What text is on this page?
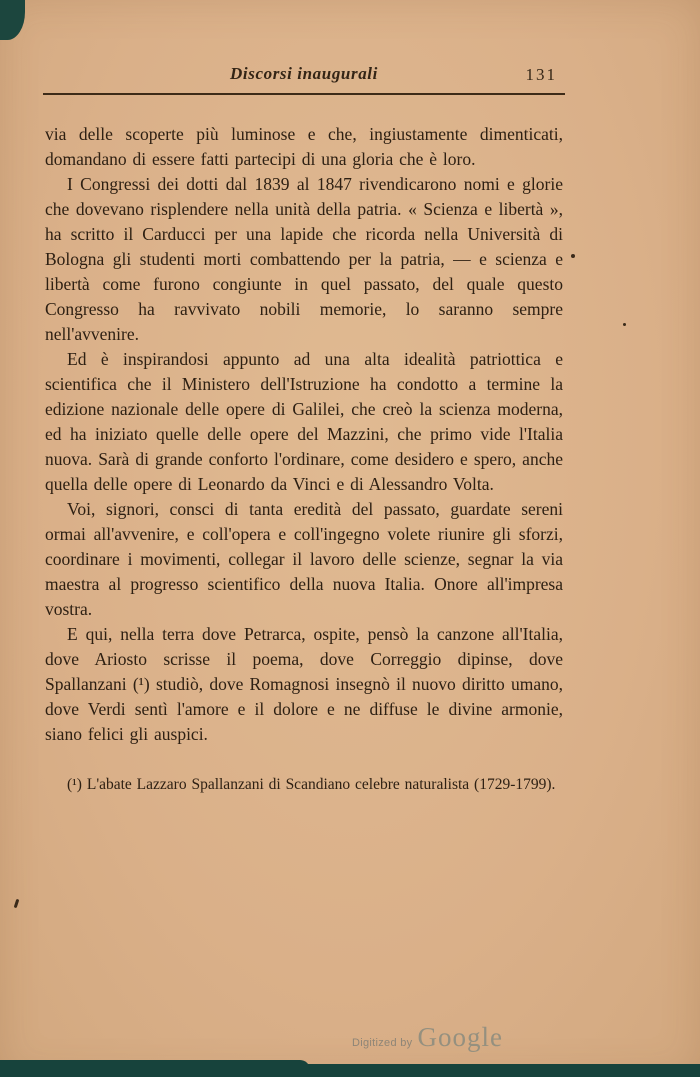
Discorsi inaugurali	131

via delle scoperte più luminose e che, ingiustamente dimenticati, domandano di essere fatti partecipi di una gloria che è loro.

I Congressi dei dotti dal 1839 al 1847 rivendicarono nomi e glorie che dovevano risplendere nella unità della patria. « Scienza e libertà », ha scritto il Carducci per una lapide che ricorda nella Università di Bologna gli studenti morti combattendo per la patria, — e scienza e libertà come furono congiunte in quel passato, del quale questo Congresso ha ravvivato nobili memorie, lo saranno sempre nell'avvenire.

Ed è inspirandosi appunto ad una alta idealità patriottica e scientifica che il Ministero dell'Istruzione ha condotto a termine la edizione nazionale delle opere di Galilei, che creò la scienza moderna, ed ha iniziato quelle delle opere del Mazzini, che primo vide l'Italia nuova. Sarà di grande conforto l'ordinare, come desidero e spero, anche quella delle opere di Leonardo da Vinci e di Alessandro Volta.

Voi, signori, consci di tanta eredità del passato, guardate sereni ormai all'avvenire, e coll'opera e coll'ingegno volete riunire gli sforzi, coordinare i movimenti, collegar il lavoro delle scienze, segnar la via maestra al progresso scientifico della nuova Italia. Onore all'impresa vostra.

E qui, nella terra dove Petrarca, ospite, pensò la canzone all'Italia, dove Ariosto scrisse il poema, dove Correggio dipinse, dove Spallanzani (¹) studiò, dove Romagnosi insegnò il nuovo diritto umano, dove Verdi sentì l'amore e il dolore e ne diffuse le divine armonie, siano felici gli auspici.

(¹) L'abate Lazzaro Spallanzani di Scandiano celebre naturalista (1729-1799).
Digitized by Google
